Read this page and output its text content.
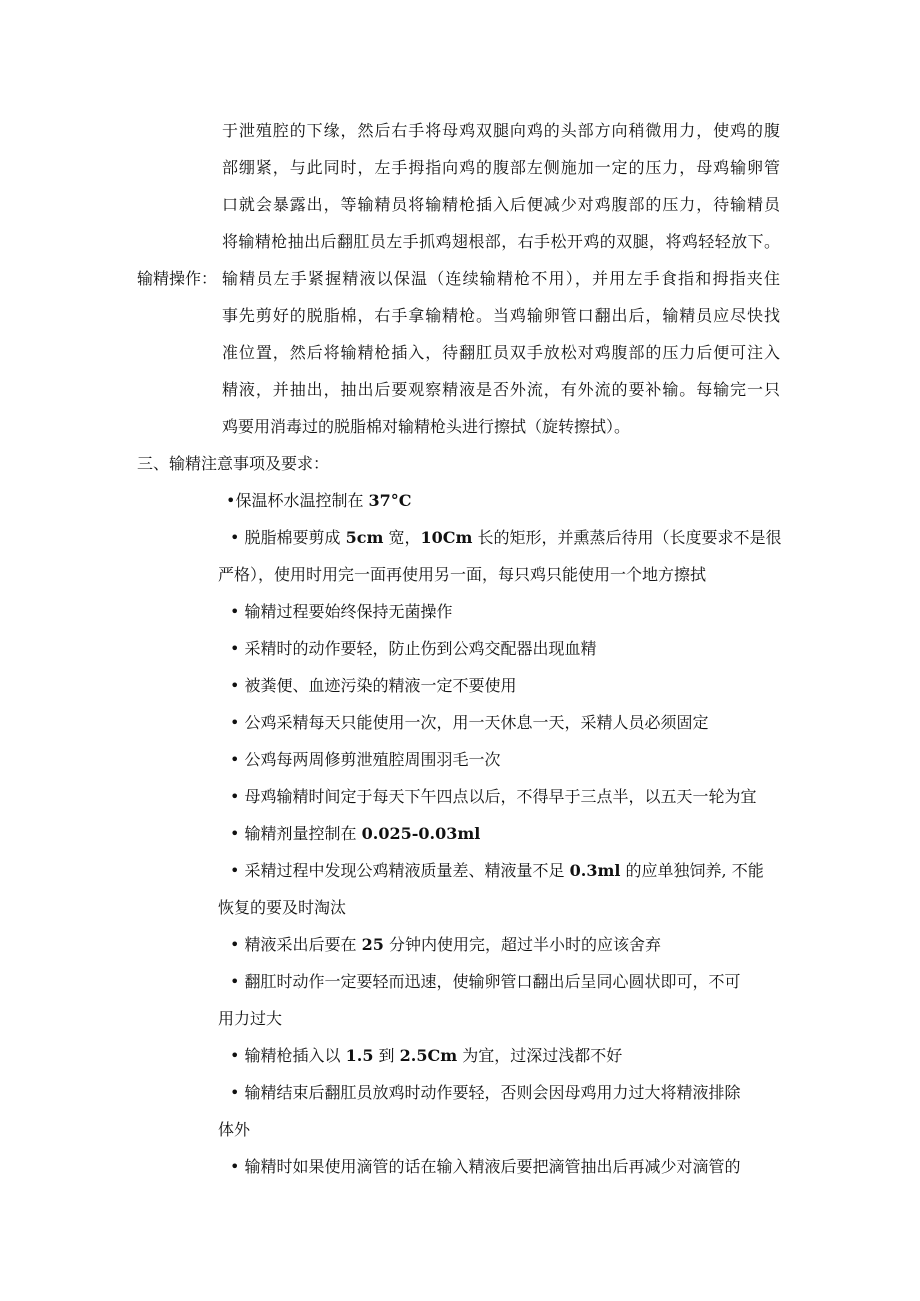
于泄殖腔的下缘，然后右手将母鸡双腿向鸡的头部方向稍微用力，使鸡的腹
部绷紧，与此同时，左手拇指向鸡的腹部左侧施加一定的压力，母鸡输卵管
口就会暴露出，等输精员将输精枪插入后便减少对鸡腹部的压力，待输精员
将输精枪抽出后翻肛员左手抓鸡翅根部，右手松开鸡的双腿，将鸡轻轻放下。
输精操作： 输精员左手紧握精液以保温（连续输精枪不用），并用左手食指和拇指夹住
事先剪好的脱脂棉，右手拿输精枪。当鸡输卵管口翻出后，输精员应尽快找
准位置，然后将输精枪插入，待翻肛员双手放松对鸡腹部的压力后便可注入
精液，并抽出，抽出后要观察精液是否外流，有外流的要补输。每输完一只
鸡要用消毒过的脱脂棉对输精枪头进行擦拭（旋转擦拭）。
三、输精注意事项及要求：
•保温杯水温控制在 37°C
• 脱脂棉要剪成 5cm 宽，10Cm 长的矩形，并熏蒸后待用（长度要求不是很
严格），使用时用完一面再使用另一面，每只鸡只能使用一个地方擦拭
• 输精过程要始终保持无菌操作
• 采精时的动作要轻，防止伤到公鸡交配器出现血精
• 被粪便、血迹污染的精液一定不要使用
• 公鸡采精每天只能使用一次，用一天休息一天，采精人员必须固定
• 公鸡每两周修剪泄殖腔周围羽毛一次
• 母鸡输精时间定于每天下午四点以后，不得早于三点半，以五天一轮为宜
• 输精剂量控制在 0.025-0.03ml
• 采精过程中发现公鸡精液质量差、精液量不足 0.3ml 的应单独饲养, 不能
恢复的要及时淘汰
• 精液采出后要在 25 分钟内使用完，超过半小时的应该舍弃
• 翻肛时动作一定要轻而迅速，使输卵管口翻出后呈同心圆状即可，不可
用力过大
• 输精枪插入以 1.5 到 2.5Cm 为宜，过深过浅都不好
• 输精结束后翻肛员放鸡时动作要轻，否则会因母鸡用力过大将精液排除
体外
• 输精时如果使用滴管的话在输入精液后要把滴管抽出后再减少对滴管的
